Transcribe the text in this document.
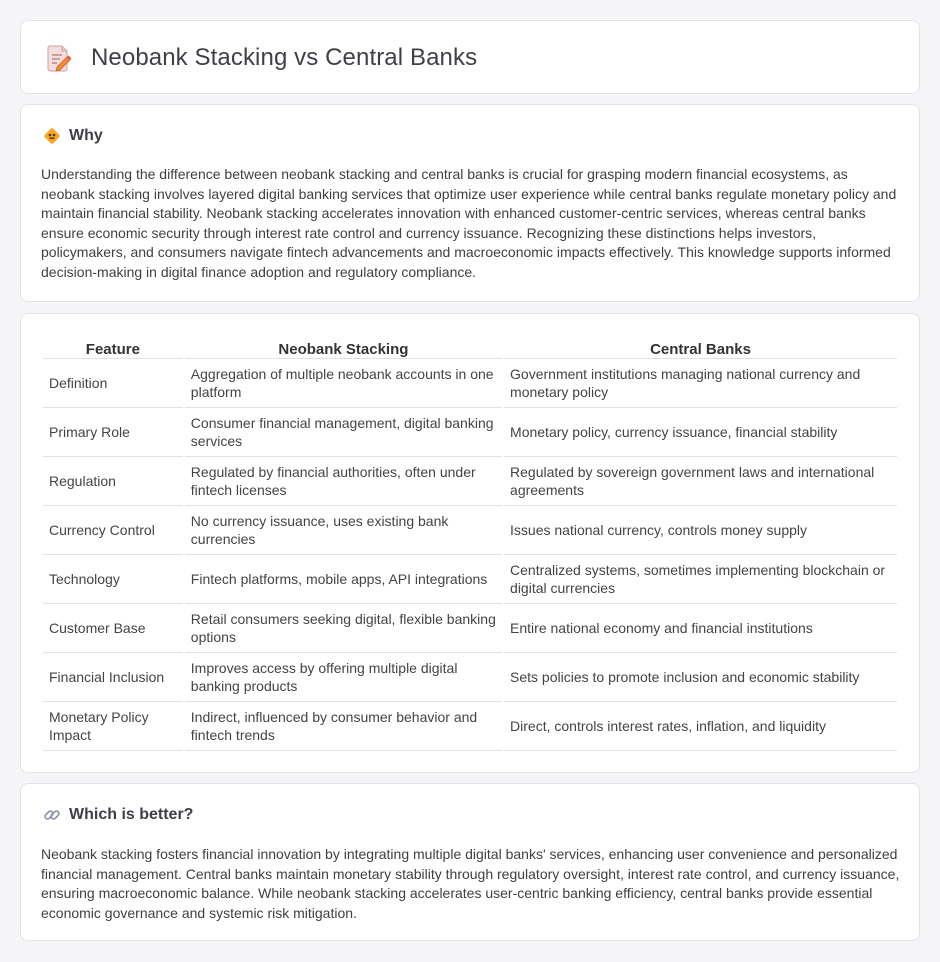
Neobank Stacking vs Central Banks
Why

Understanding the difference between neobank stacking and central banks is crucial for grasping modern financial ecosystems, as neobank stacking involves layered digital banking services that optimize user experience while central banks regulate monetary policy and maintain financial stability. Neobank stacking accelerates innovation with enhanced customer-centric services, whereas central banks ensure economic security through interest rate control and currency issuance. Recognizing these distinctions helps investors, policymakers, and consumers navigate fintech advancements and macroeconomic impacts effectively. This knowledge supports informed decision-making in digital finance adoption and regulatory compliance.

Feature	Neobank Stacking	Central Banks
Definition	Aggregation of multiple neobank accounts in one platform	Government institutions managing national currency and monetary policy
Primary Role	Consumer financial management, digital banking services	Monetary policy, currency issuance, financial stability
Regulation	Regulated by financial authorities, often under fintech licenses	Regulated by sovereign government laws and international agreements
Currency Control	No currency issuance, uses existing bank currencies	Issues national currency, controls money supply
Technology	Fintech platforms, mobile apps, API integrations	Centralized systems, sometimes implementing blockchain or digital currencies
Customer Base	Retail consumers seeking digital, flexible banking options	Entire national economy and financial institutions
Financial Inclusion	Improves access by offering multiple digital banking products	Sets policies to promote inclusion and economic stability
Monetary Policy Impact	Indirect, influenced by consumer behavior and fintech trends	Direct, controls interest rates, inflation, and liquidity
Which is better?

Neobank stacking fosters financial innovation by integrating multiple digital banks' services, enhancing user convenience and personalized financial management. Central banks maintain monetary stability through regulatory oversight, interest rate control, and currency issuance, ensuring macroeconomic balance. While neobank stacking accelerates user-centric banking efficiency, central banks provide essential economic governance and systemic risk mitigation.
